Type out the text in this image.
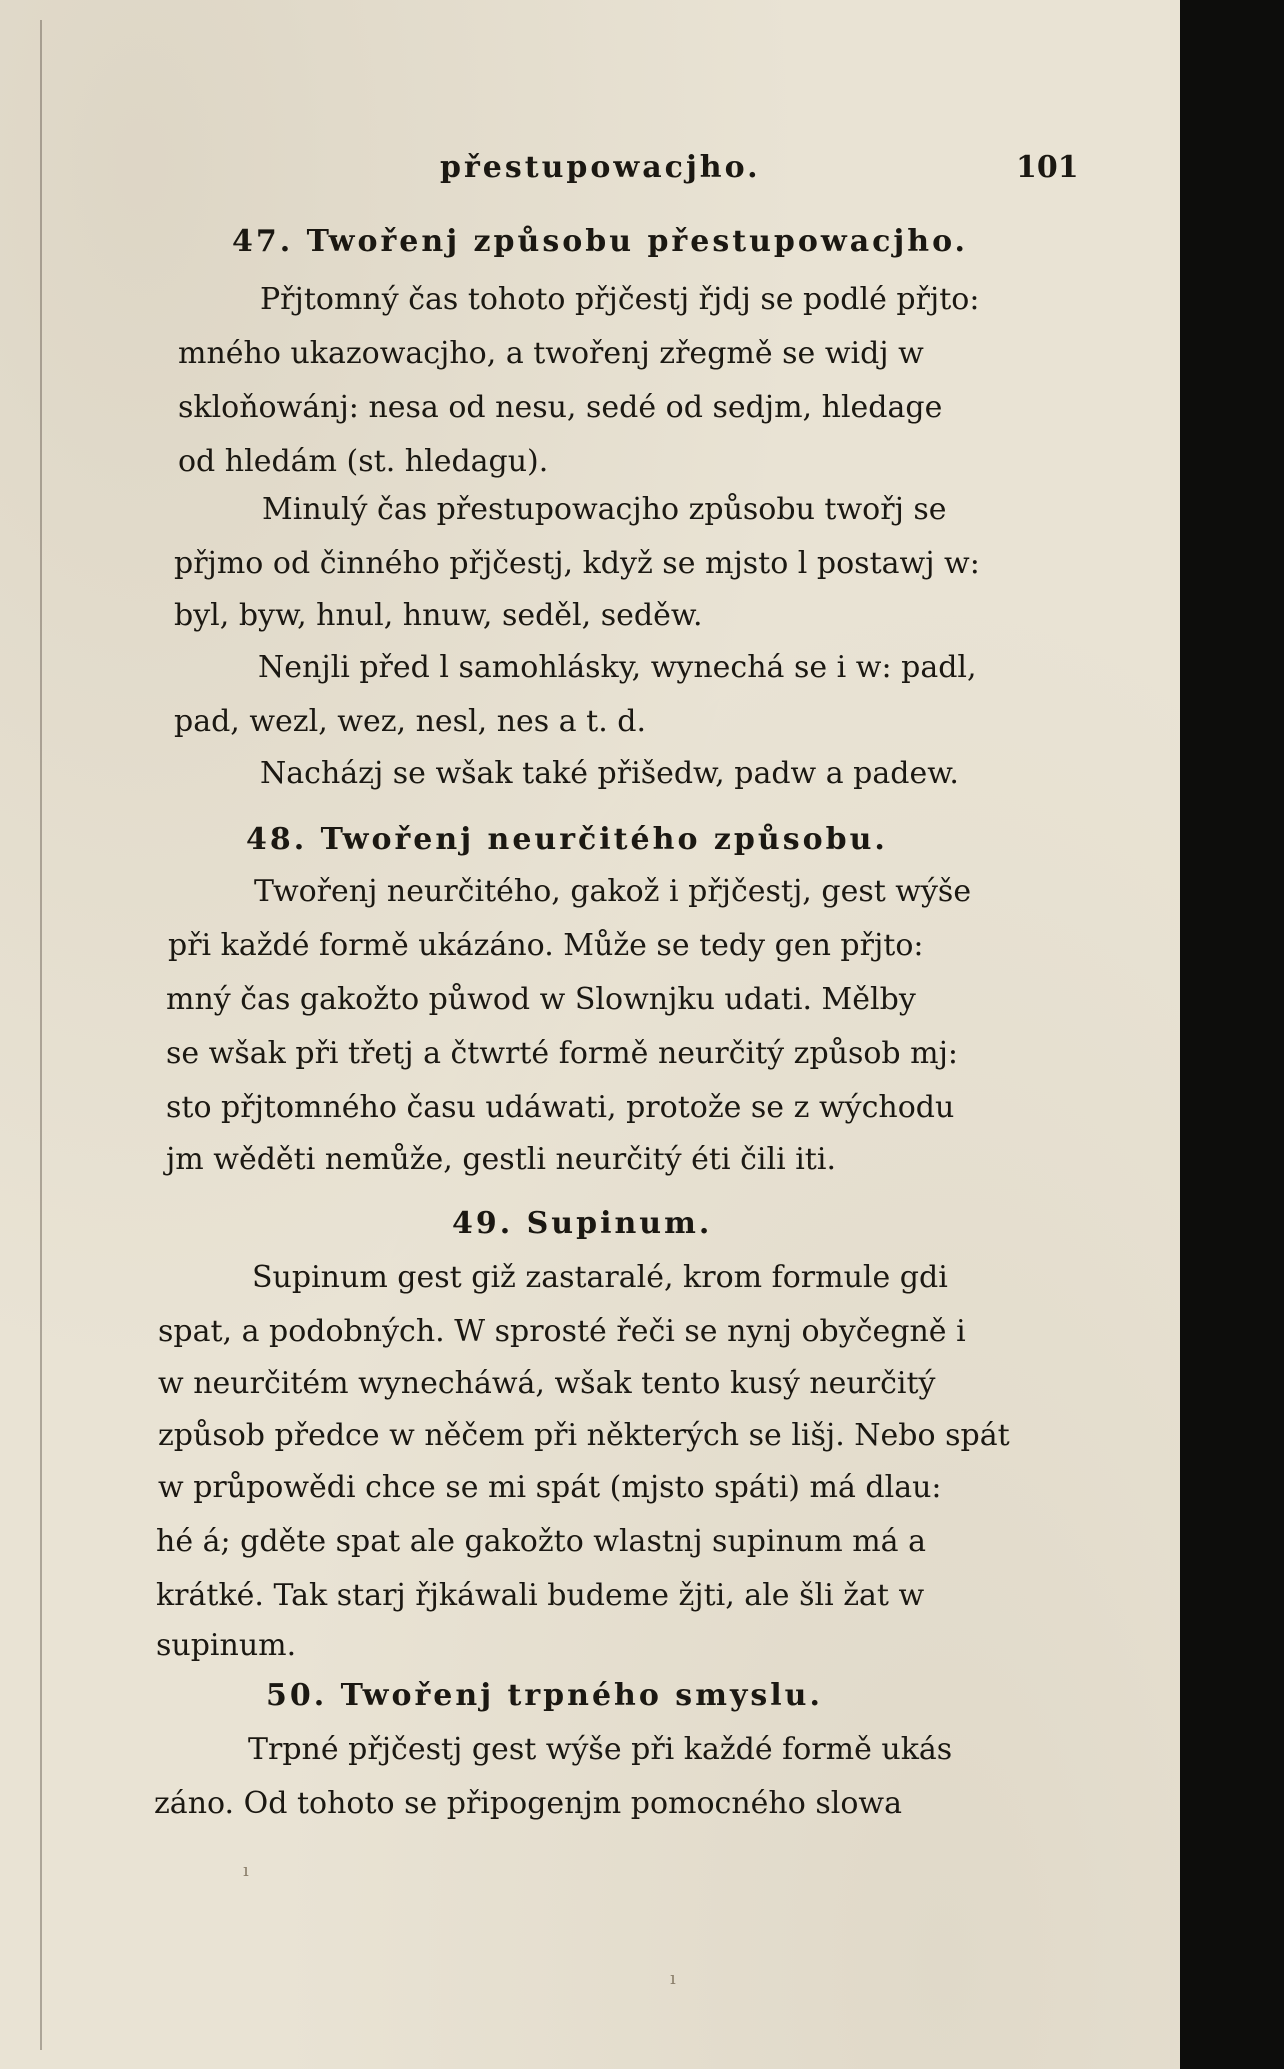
přestupowacjho.	101
47. Twořenj způsobu přestupowacjho.
Přjtomný čas tohoto přjčestj řjdj se podlé přjto:
mného ukazowacjho, a twořenj zřegmě se widj w
skloňowánj: nesa od nesu, sedé od sedjm, hledage
od hledám (st. hledagu).
Minulý čas přestupowacjho způsobu twořj se
přjmo od činného přjčestj, když se mjsto l postawj w:
byl, byw, hnul, hnuw, seděl, seděw.
Nenjli před l samohlásky, wynechá se i w: padl,
pad, wezl, wez, nesl, nes a t. d.
Nacházj se wšak také přišedw, padw a padew.
48. Twořenj neurčitého způsobu.
Twořenj neurčitého, gakož i přjčestj, gest wýše
při každé formě ukázáno. Může se tedy gen přjto:
mný čas gakožto půwod w Slownjku udati. Mělby
se wšak při třetj a čtwrté formě neurčitý způsob mj:
sto přjtomného času udáwati, protože se z wýchodu
jm wěděti nemůže, gestli neurčitý éti čili iti.
49. Supinum.
Supinum gest giž zastaralé, krom formule gdi
spat, a podobných. W sprosté řeči se nynj obyčegně i
w neurčitém wynecháwá, wšak tento kusý neurčitý
způsob předce w něčem při některých se lišj. Nebo spát
w průpowědi chce se mi spát (mjsto spáti) má dlau:
hé á; gděte spat ale gakožto wlastnj supinum má a
krátké. Tak starj řjkáwali budeme žjti, ale šli žat w
supinum.
50. Twořenj trpného smyslu.
Trpné přjčestj gest wýše při každé formě ukás
záno. Od tohoto se připogenjm pomocného slowa
ı
ı
